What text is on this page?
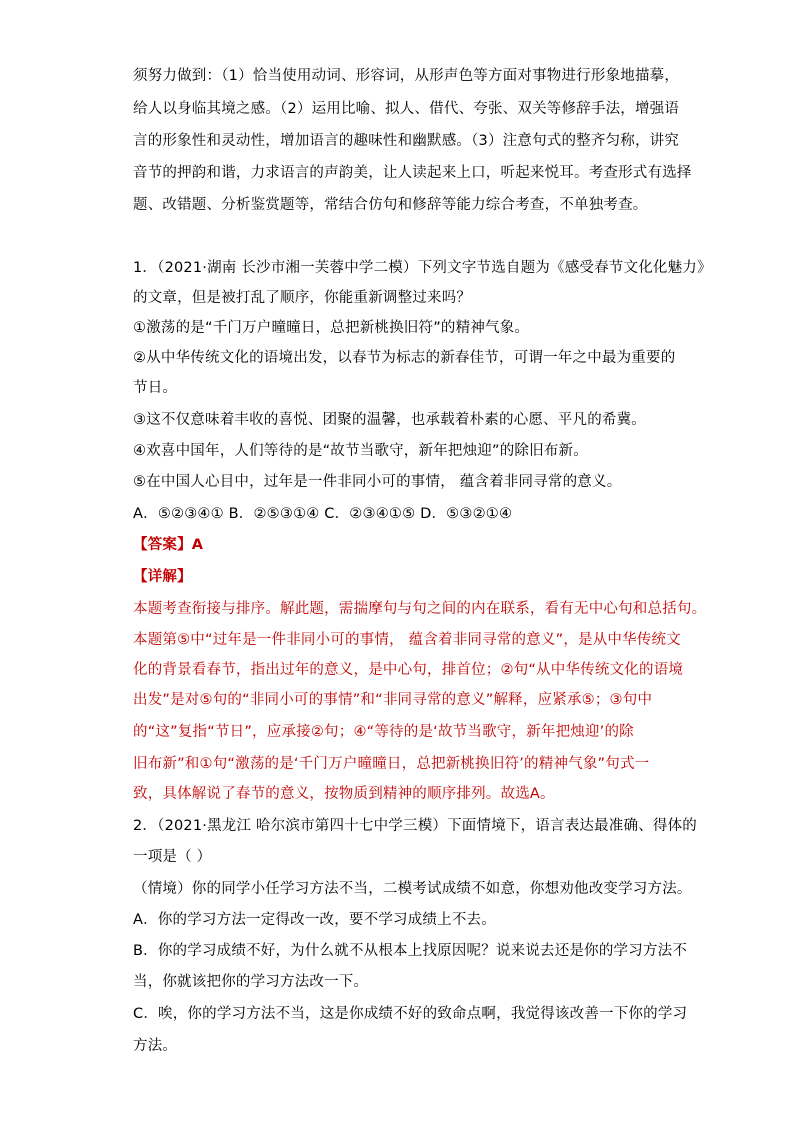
须努力做到：（1）恰当使用动词、形容词，从形声色等方面对事物进行形象地描摹，
给人以身临其境之感。（2）运用比喻、拟人、借代、夸张、双关等修辞手法，增强语
言的形象性和灵动性，增加语言的趣味性和幽默感。（3）注意句式的整齐匀称，讲究
音节的押韵和谐，力求语言的声韵美，让人读起来上口，听起来悦耳。考查形式有选择
题、改错题、分析鉴赏题等，常结合仿句和修辞等能力综合考查，不单独考查。
1．（2021·湖南 长沙市湘一芙蓉中学二模）下列文字节选自题为《感受春节文化化魅力》
的文章，但是被打乱了顺序，你能重新调整过来吗？
①激荡的是“千门万户曈曈日，总把新桃换旧符”的精神气象。
②从中华传统文化的语境出发，以春节为标志的新春佳节，可谓一年之中最为重要的
节日。
③这不仅意味着丰收的喜悦、团聚的温馨，也承载着朴素的心愿、平凡的希冀。
④欢喜中国年，人们等待的是“故节当歌守，新年把烛迎”的除旧布新。
⑤在中国人心目中，过年是一件非同小可的事情， 蕴含着非同寻常的意义。
A．⑤②③④① B．②⑤③①④ C．②③④①⑤ D．⑤③②①④
【答案】A
【详解】
本题考查衔接与排序。解此题，需揣摩句与句之间的内在联系，看有无中心句和总括句。
本题第⑤中“过年是一件非同小可的事情， 蕴含着非同寻常的意义”，是从中华传统文
化的背景看春节，指出过年的意义，是中心句，排首位；②句“从中华传统文化的语境
出发”是对⑤句的“非同小可的事情”和“非同寻常的意义”解释，应紧承⑤；③句中
的“这”复指“节日”，应承接②句；④“等待的是‘故节当歌守，新年把烛迎’的除
旧布新”和①句“激荡的是‘千门万户曈曈日，总把新桃换旧符’的精神气象”句式一
致，具体解说了春节的意义，按物质到精神的顺序排列。故选A。
2．（2021·黑龙江 哈尔滨市第四十七中学三模）下面情境下，语言表达最准确、得体的
一项是（ ）
（情境）你的同学小任学习方法不当，二模考试成绩不如意，你想劝他改变学习方法。
A．你的学习方法一定得改一改，要不学习成绩上不去。
B．你的学习成绩不好，为什么就不从根本上找原因呢？说来说去还是你的学习方法不
当，你就该把你的学习方法改一下。
C．唉，你的学习方法不当，这是你成绩不好的致命点啊，我觉得该改善一下你的学习
方法。
